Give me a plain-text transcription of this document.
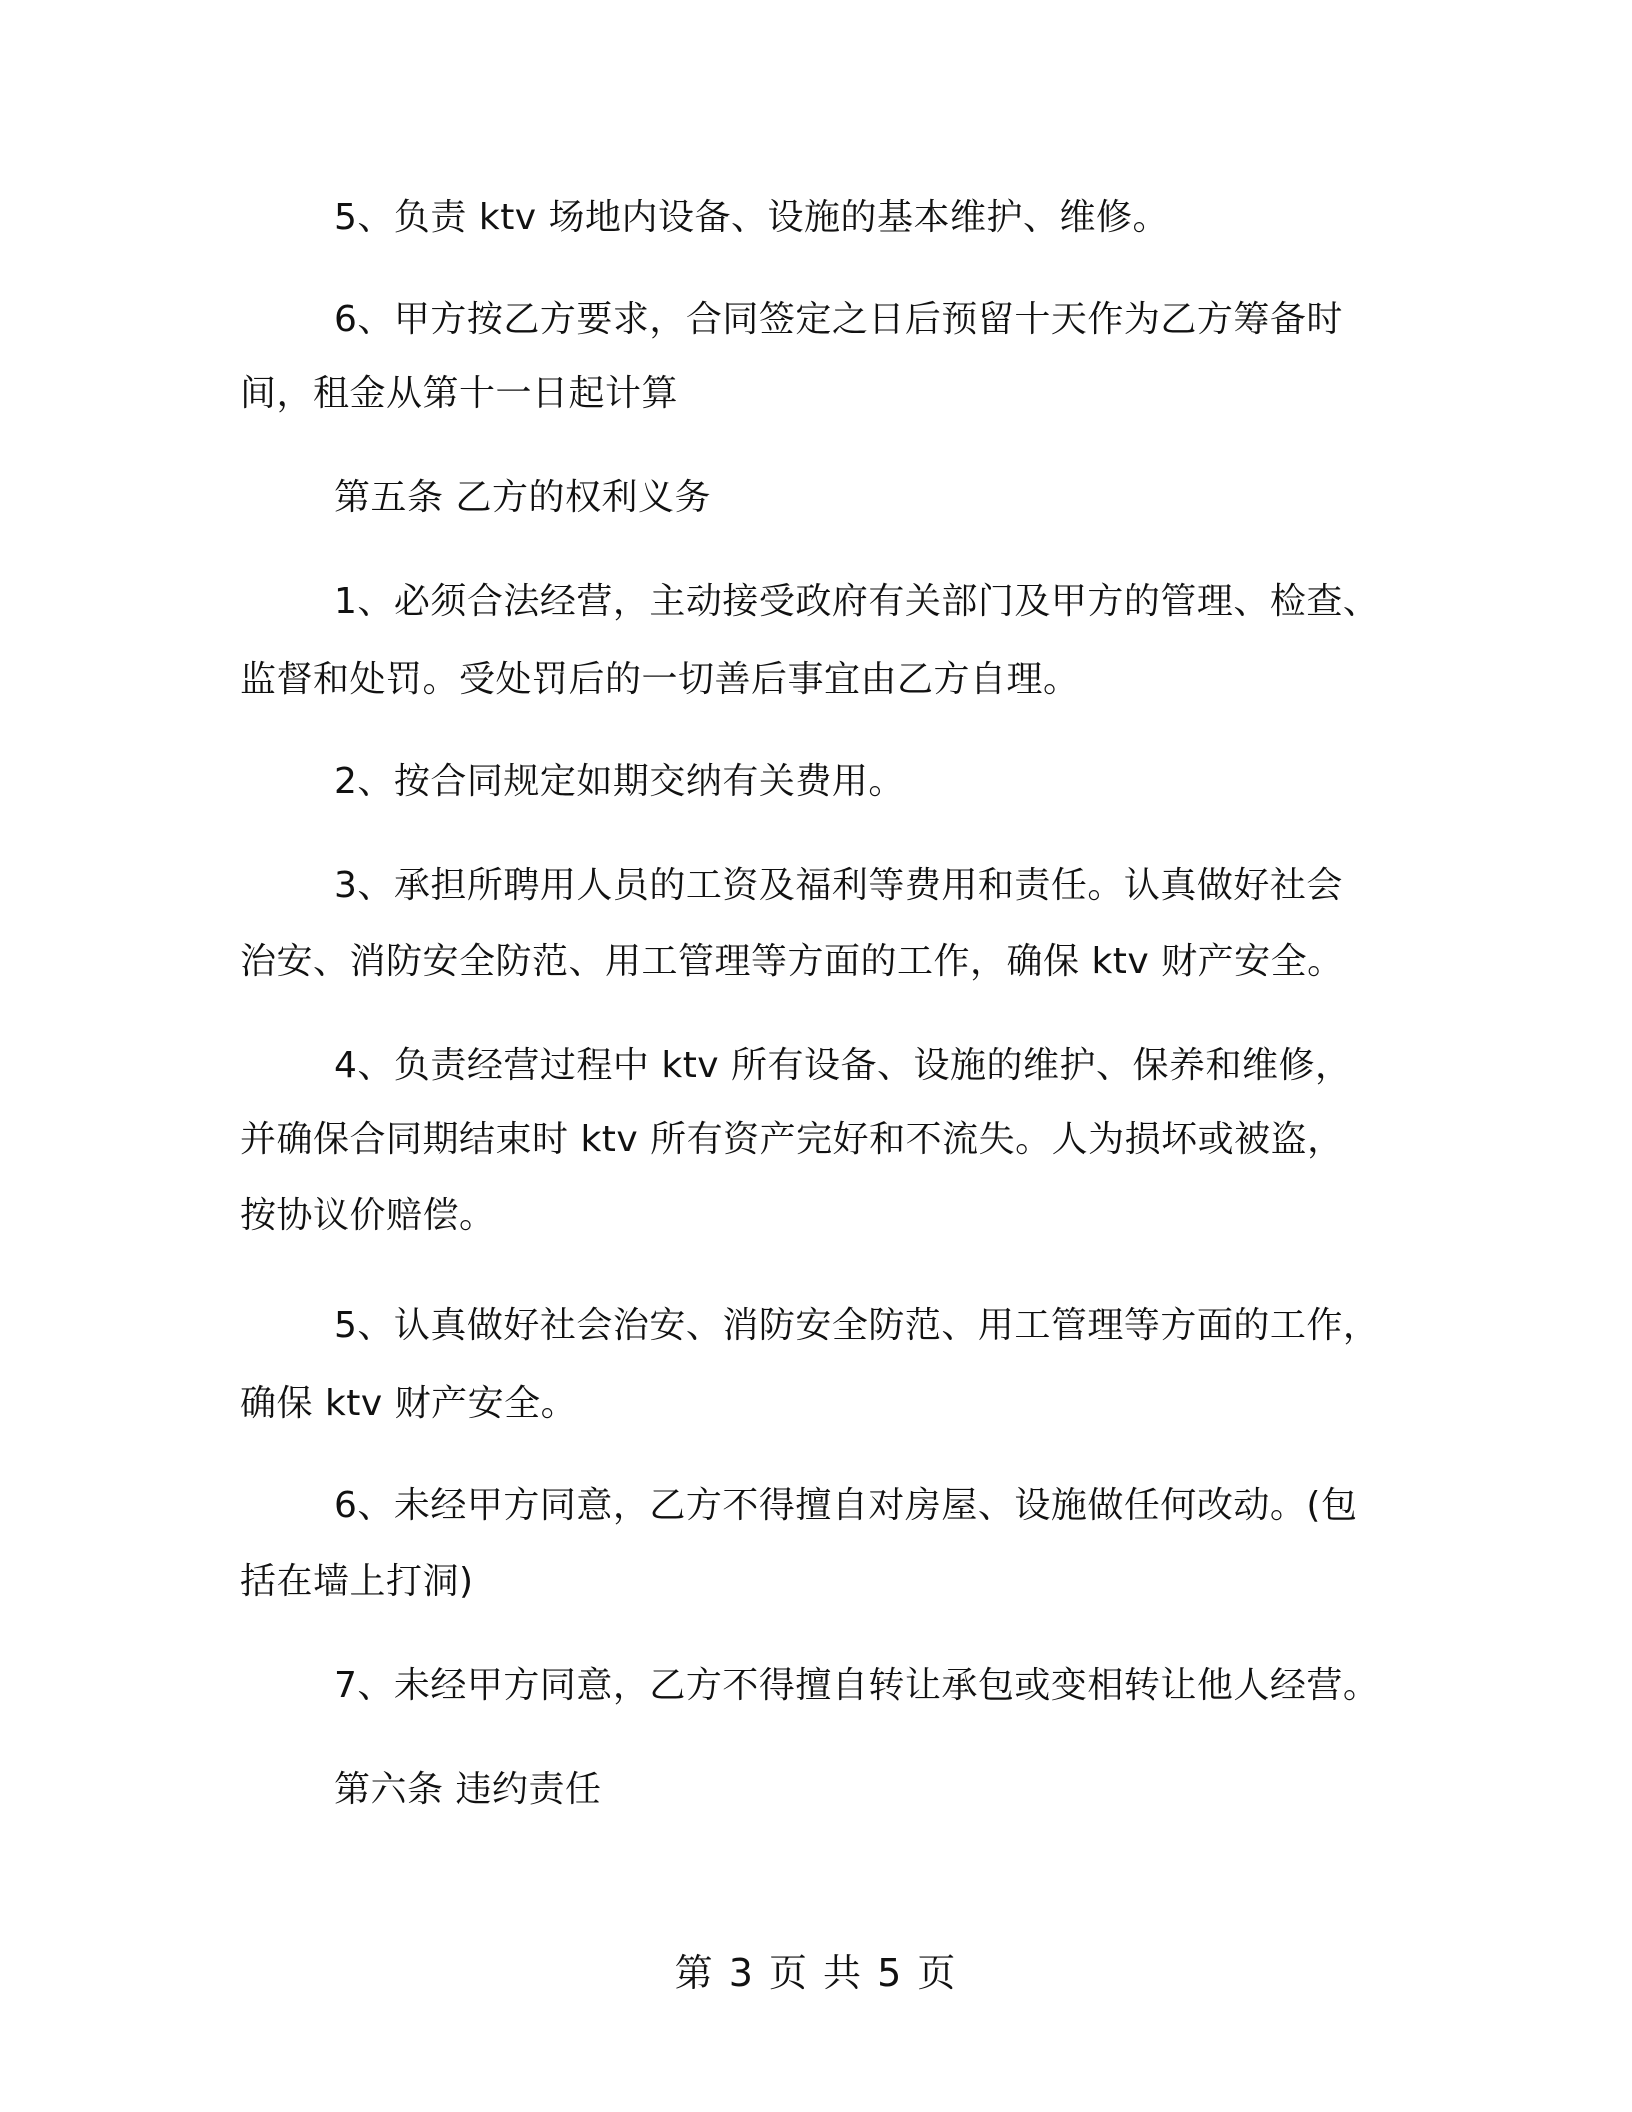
5、负责 ktv 场地内设备、设施的基本维护、维修。

6、甲方按乙方要求，合同签定之日后预留十天作为乙方筹备时

间，租金从第十一日起计算

第五条 乙方的权利义务

1、必须合法经营，主动接受政府有关部门及甲方的管理、检查、

监督和处罚。受处罚后的一切善后事宜由乙方自理。

2、按合同规定如期交纳有关费用。

3、承担所聘用人员的工资及福利等费用和责任。认真做好社会

治安、消防安全防范、用工管理等方面的工作，确保 ktv 财产安全。

4、负责经营过程中 ktv 所有设备、设施的维护、保养和维修，

并确保合同期结束时 ktv 所有资产完好和不流失。人为损坏或被盗，

按协议价赔偿。

5、认真做好社会治安、消防安全防范、用工管理等方面的工作，

确保 ktv 财产安全。

6、未经甲方同意，乙方不得擅自对房屋、设施做任何改动。(包

括在墙上打洞)

7、未经甲方同意，乙方不得擅自转让承包或变相转让他人经营。

第六条 违约责任

第 3 页 共 5 页
